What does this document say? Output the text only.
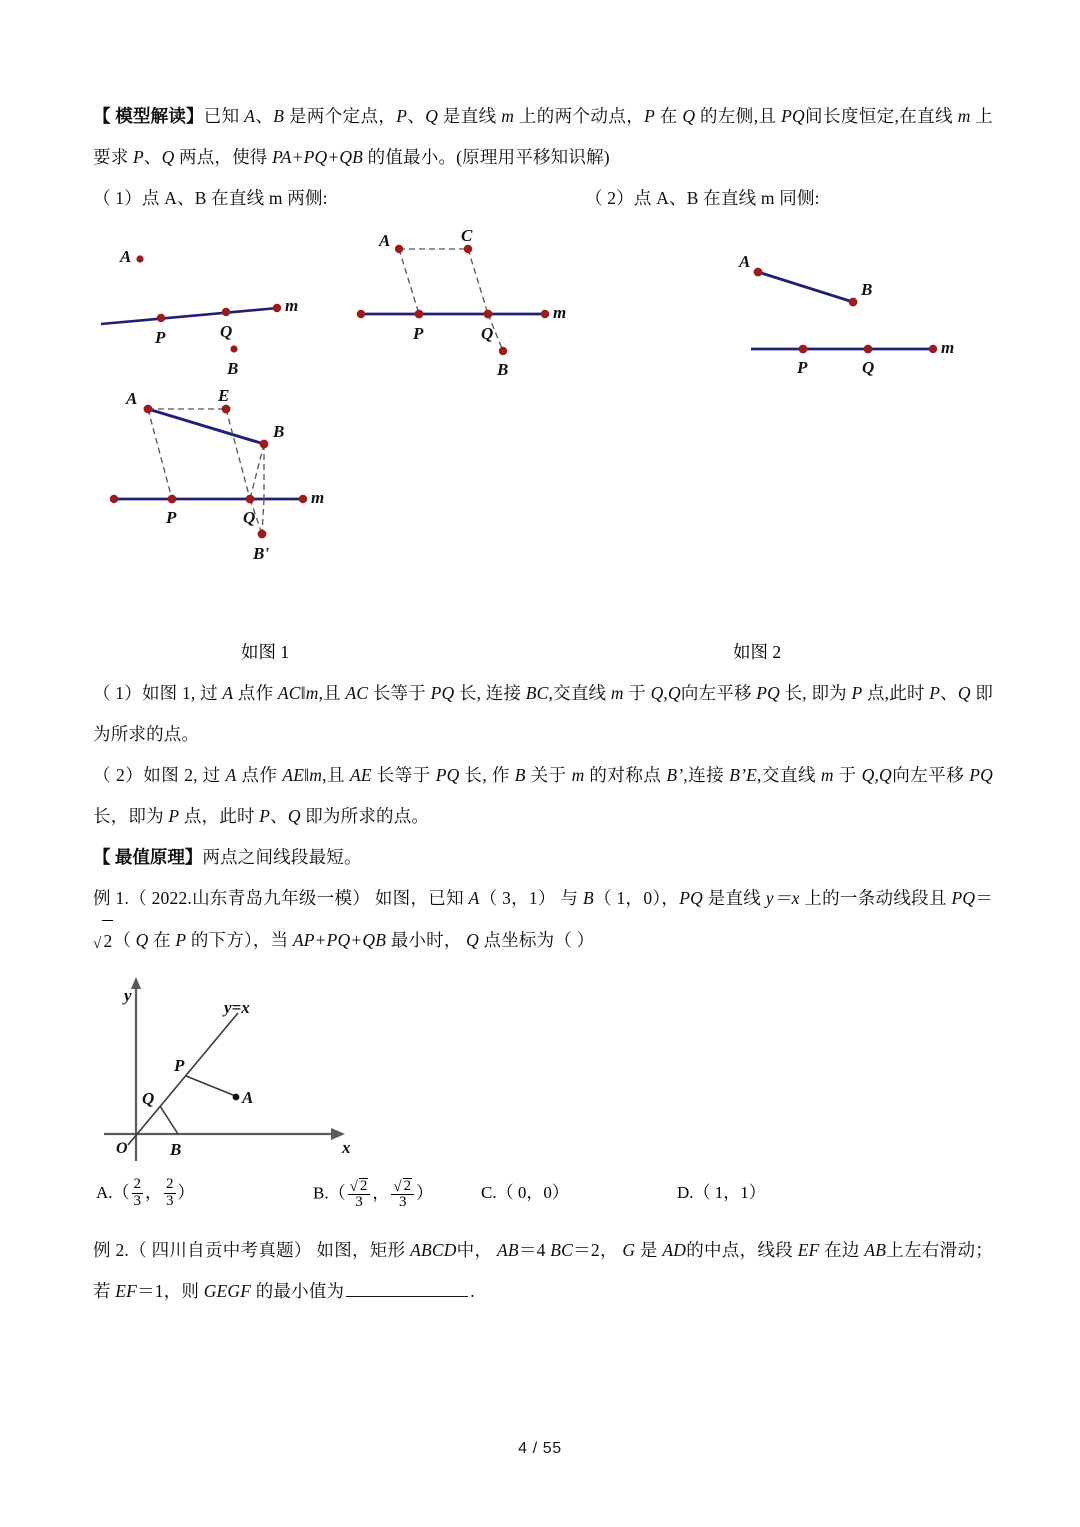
【 模型解读】已知 A、B 是两个定点，P、Q 是直线 m 上的两个动点，P 在 Q 的左侧,且 PQ间长度恒定,在直线 m 上要求 P、Q 两点，使得 PA+PQ+QB 的值最小。(原理用平移知识解)

（ 1）点 A、B 在直线 m 两侧:	（ 2）点 A、B 在直线 m 同侧:
A
P	Q
m
B
A	C
P	Q
m
B
A
B
P	Q
m
A	E
B
P	Q
m
B'
如图 1	如图 2

（ 1）如图 1, 过 A 点作 AC‖m,且 AC 长等于 PQ 长, 连接 BC,交直线 m 于 Q,Q向左平移 PQ 长, 即为 P 点,此时 P、Q 即为所求的点。

（ 2）如图 2, 过 A 点作 AE‖m,且 AE 长等于 PQ 长, 作 B 关于 m 的对称点 B’,连接 B’E,交直线 m 于 Q,Q向左平移 PQ 长，即为 P 点，此时 P、Q 即为所求的点。

【 最值原理】两点之间线段最短。

例 1.（ 2022.山东青岛九年级一模） 如图，已知 A（ 3，1） 与 B（ 1，0），PQ 是直线 y＝x 上的一条动线段且 PQ＝√ 2（ Q 在 P 的下方），当 AP+PQ+QB 最小时， Q 点坐标为（ ）

y
x
O
A
B
P
Q
y=x
$A.( \frac{2}{3}$ ， $\frac{2}{3}$ ）	$B.( \frac{√ 2}{3}$ ， $\frac{√ 2}{3}$ ）	C.（ 0，0）	D.（ 1，1）

例 2.（ 四川自贡中考真题） 如图，矩形 ABCD中， AB＝4 BC＝2， G 是 AD的中点，线段 EF 在边 AB上左右滑动；若 EF＝1，则 GEGF 的最小值为	.

4 / 55
